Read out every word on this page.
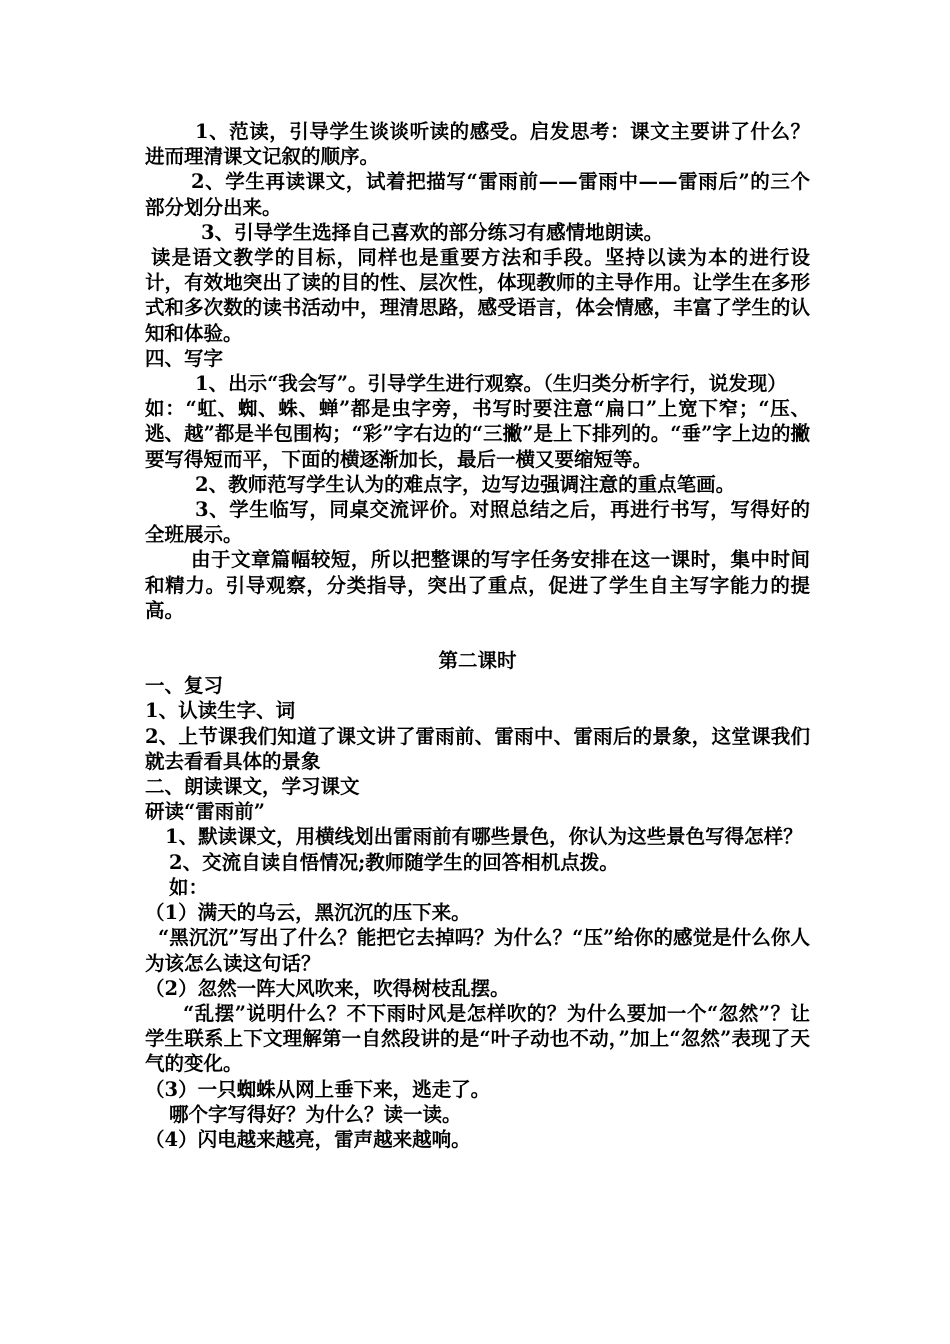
1、范读，引导学生谈谈听读的感受。启发思考：课文主要讲了什么？进而理清课文记叙的顺序。

2、学生再读课文，试着把描写“雷雨前——雷雨中——雷雨后”的三个部分划分出来。

3、引导学生选择自己喜欢的部分练习有感情地朗读。

读是语文教学的目标，同样也是重要方法和手段。坚持以读为本的进行设计，有效地突出了读的目的性、层次性，体现教师的主导作用。让学生在多形式和多次数的读书活动中，理清思路，感受语言，体会情感，丰富了学生的认知和体验。

四、写字

1、出示“我会写”。引导学生进行观察。（生归类分析字行，说发现）

如：“虹、蜘、蛛、蝉”都是虫字旁，书写时要注意“扁口”上宽下窄；“压、逃、越”都是半包围构；“彩”字右边的“三撇”是上下排列的。“垂”字上边的撇要写得短而平，下面的横逐渐加长，最后一横又要缩短等。

2、教师范写学生认为的难点字，边写边强调注意的重点笔画。

3、学生临写，同桌交流评价。对照总结之后，再进行书写，写得好的全班展示。

由于文章篇幅较短，所以把整课的写字任务安排在这一课时，集中时间和精力。引导观察，分类指导，突出了重点，促进了学生自主写字能力的提高。

第二课时

一、复习

1、认读生字、词

2、上节课我们知道了课文讲了雷雨前、雷雨中、雷雨后的景象，这堂课我们就去看看具体的景象

二、朗读课文，学习课文

研读“雷雨前”

1、默读课文，用横线划出雷雨前有哪些景色，你认为这些景色写得怎样？

2、交流自读自悟情况;教师随学生的回答相机点拨。

如：

（1）满天的乌云，黑沉沉的压下来。

“黑沉沉”写出了什么？能把它去掉吗？为什么？“压”给你的感觉是什么你人为该怎么读这句话？

（2）忽然一阵大风吹来，吹得树枝乱摆。

“乱摆”说明什么？不下雨时风是怎样吹的？为什么要加一个“忽然”？让学生联系上下文理解第一自然段讲的是“叶子动也不动，”加上“忽然”表现了天气的变化。

（3）一只蜘蛛从网上垂下来，逃走了。

哪个字写得好？为什么？读一读。

（4）闪电越来越亮，雷声越来越响。
